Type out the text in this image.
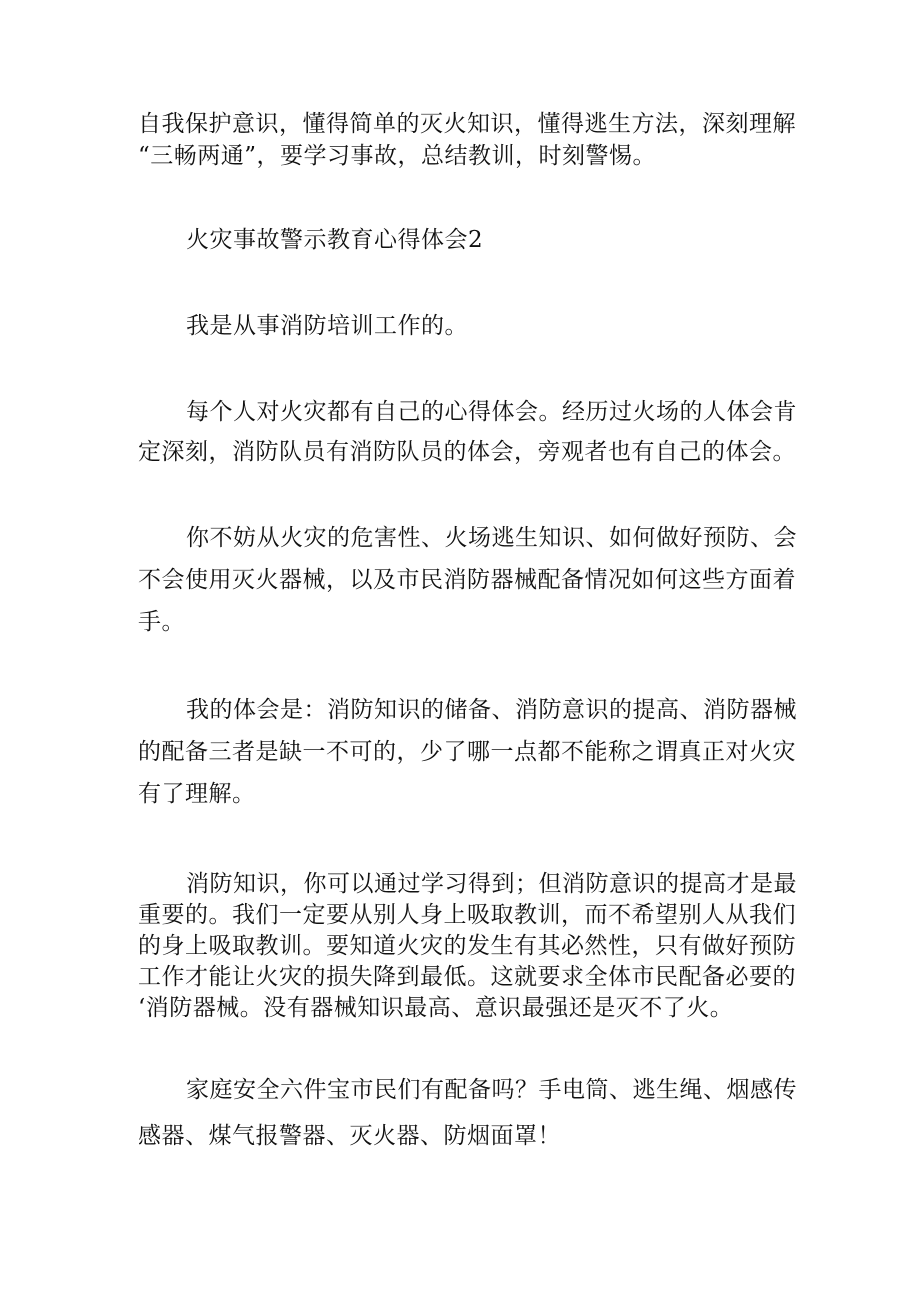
自我保护意识，懂得简单的灭火知识，懂得逃生方法，深刻理解
“三畅两通”，要学习事故，总结教训，时刻警惕。
火灾事故警示教育心得体会2
我是从事消防培训工作的。
每个人对火灾都有自己的心得体会。经历过火场的人体会肯
定深刻，消防队员有消防队员的体会，旁观者也有自己的体会。
你不妨从火灾的危害性、火场逃生知识、如何做好预防、会
不会使用灭火器械，以及市民消防器械配备情况如何这些方面着
手。
我的体会是：消防知识的储备、消防意识的提高、消防器械
的配备三者是缺一不可的，少了哪一点都不能称之谓真正对火灾
有了理解。
消防知识，你可以通过学习得到；但消防意识的提高才是最
重要的。我们一定要从别人身上吸取教训，而不希望别人从我们
的身上吸取教训。要知道火灾的发生有其必然性，只有做好预防
工作才能让火灾的损失降到最低。这就要求全体市民配备必要的
‘消防器械。没有器械知识最高、意识最强还是灭不了火。
家庭安全六件宝市民们有配备吗？手电筒、逃生绳、烟感传
感器、煤气报警器、灭火器、防烟面罩！
